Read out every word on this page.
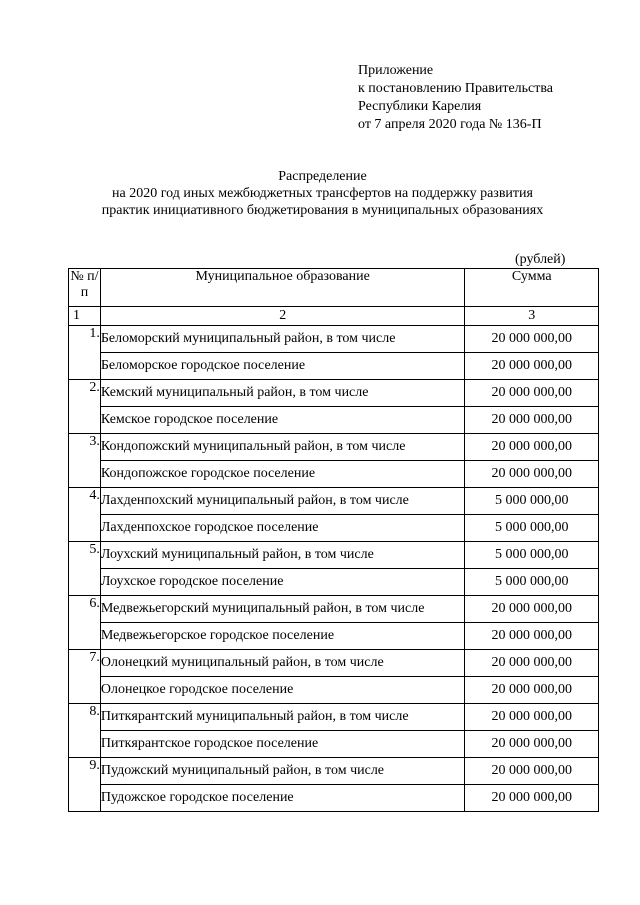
Приложение
к постановлению Правительства
Республики Карелия
от 7 апреля 2020 года № 136-П
Распределение
на 2020 год иных межбюджетных трансфертов на поддержку развития
практик инициативного бюджетирования в муниципальных образованиях
(рублей)
№ п/п	Муниципальное образование	Сумма
1	2	3
1.	Беломорский муниципальный район, в том числе	20 000 000,00
	Беломорское городское поселение	20 000 000,00
2.	Кемский муниципальный район, в том числе	20 000 000,00
	Кемское городское поселение	20 000 000,00
3.	Кондопожский муниципальный район, в том числе	20 000 000,00
	Кондопожское городское поселение	20 000 000,00
4.	Лахденпохский муниципальный район, в том числе	5 000 000,00
	Лахденпохское городское поселение	5 000 000,00
5.	Лоухский муниципальный район, в том числе	5 000 000,00
	Лоухское городское поселение	5 000 000,00
6.	Медвежьегорский муниципальный район, в том числе	20 000 000,00
	Медвежьегорское городское поселение	20 000 000,00
7.	Олонецкий муниципальный район, в том числе	20 000 000,00
	Олонецкое городское поселение	20 000 000,00
8.	Питкярантский муниципальный район, в том числе	20 000 000,00
	Питкярантское городское поселение	20 000 000,00
9.	Пудожский муниципальный район, в том числе	20 000 000,00
	Пудожское городское поселение	20 000 000,00
